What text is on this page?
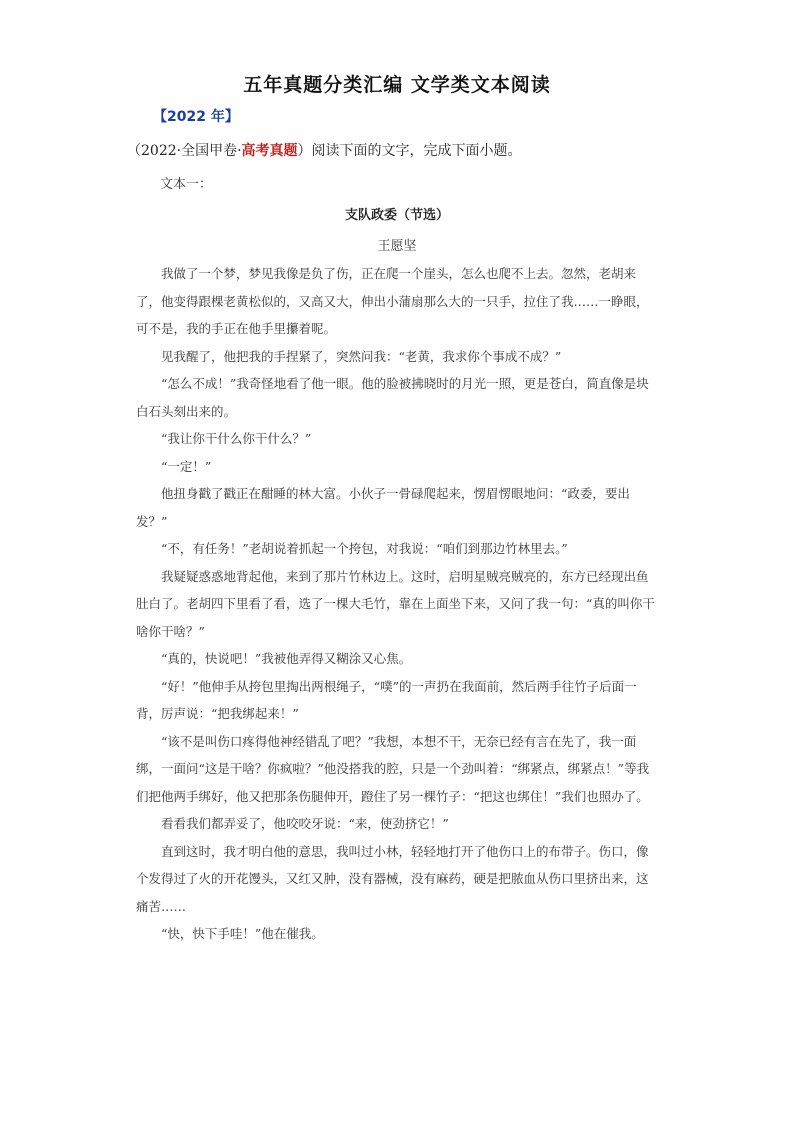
五年真题分类汇编 文学类文本阅读
【2022 年】
（2022·全国甲卷·高考真题）阅读下面的文字，完成下面小题。
文本一：
支队政委（节选）
王愿坚

我做了一个梦，梦见我像是负了伤，正在爬一个崖头，怎么也爬不上去。忽然，老胡来了，他变得跟棵老黄松似的，又高又大，伸出小蒲扇那么大的一只手，拉住了我……一睁眼，可不是，我的手正在他手里攥着呢。

见我醒了，他把我的手捏紧了，突然问我：“老黄，我求你个事成不成？”

“怎么不成！”我奇怪地看了他一眼。他的脸被拂晓时的月光一照，更是苍白，简直像是块白石头刻出来的。

“我让你干什么你干什么？”

“一定！”

他扭身戳了戳正在酣睡的林大富。小伙子一骨碌爬起来，愣眉愣眼地问：“政委，要出发？”

“不，有任务！”老胡说着抓起一个挎包，对我说：“咱们到那边竹林里去。”

我疑疑惑惑地背起他，来到了那片竹林边上。这时，启明星贼亮贼亮的，东方已经现出鱼肚白了。老胡四下里看了看，选了一棵大毛竹，靠在上面坐下来，又问了我一句：“真的叫你干啥你干啥？”

“真的，快说吧！”我被他弄得又糊涂又心焦。

“好！”他伸手从挎包里掏出两根绳子，“噗”的一声扔在我面前，然后两手往竹子后面一背，厉声说：“把我绑起来！”

“该不是叫伤口疼得他神经错乱了吧？”我想，本想不干，无奈已经有言在先了，我一面绑，一面问“这是干啥？你疯啦？”他没搭我的腔，只是一个劲叫着：“绑紧点，绑紧点！”等我们把他两手绑好，他又把那条伤腿伸开，蹬住了另一棵竹子：“把这也绑住！”我们也照办了。

看看我们都弄妥了，他咬咬牙说：“来，使劲挤它！”

直到这时，我才明白他的意思，我叫过小林，轻轻地打开了他伤口上的布带子。伤口，像个发得过了火的开花馒头，又红又肿，没有器械，没有麻药，硬是把脓血从伤口里挤出来，这痛苦……

“快，快下手哇！”他在催我。
